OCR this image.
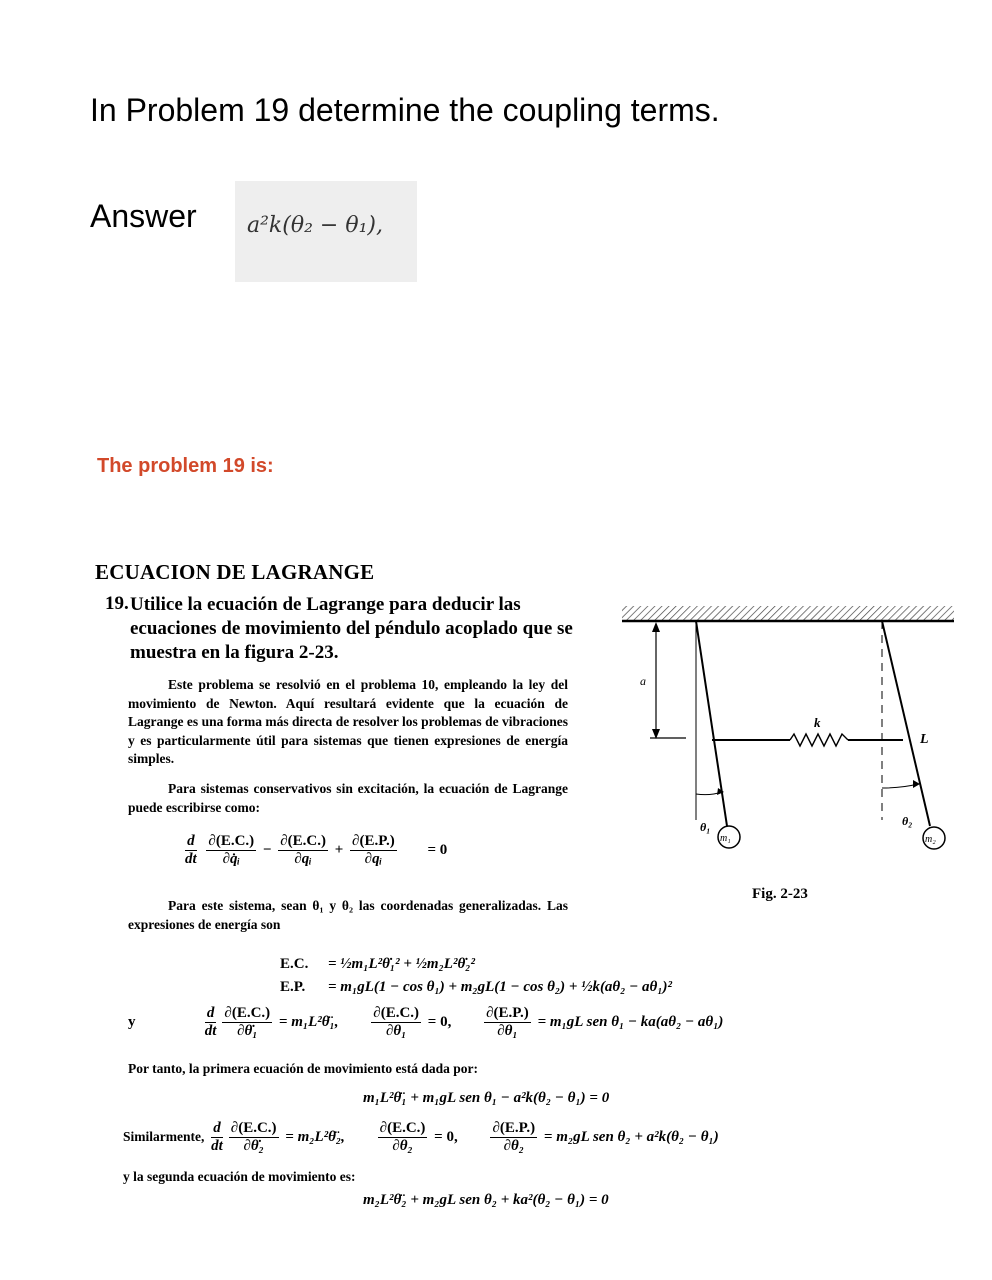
In Problem 19 determine the coupling terms.
Answer a²k(θ₂ − θ₁),
The problem 19 is:
ECUACION DE LAGRANGE
19. Utilice la ecuación de Lagrange para deducir las ecuaciones de movimiento del péndulo acoplado que se muestra en la figura 2-23.
Este problema se resolvió en el problema 10, empleando la ley del movimiento de Newton. Aquí resultará evidente que la ecuación de Lagrange es una forma más directa de resolver los problemas de vibraciones y es particularmente útil para sistemas que tienen expresiones de energía simples.
Para sistemas conservativos sin excitación, la ecuación de Lagrange puede escribirse como:
$\frac{d}{dt}$
$\frac{\partial(E.C.)}{\text{∂q̇ᵢ}} - \frac{\partial(E.C.)}{\text{∂qᵢ}} + \frac{\partial(E.P.)}{\text{∂qᵢ}} = 0$
Para este sistema, sean θ₁ y θ₂ las coordenadas generalizadas. Las expresiones de energía son
E.C. = ½m₁L²θ̇₁² + ½m₂L²θ̇₂²
E.P. = m₁gL(1 − cos θ₁) + m₂gL(1 − cos θ₂) + ½k(aθ₂ − aθ₁)²
y	$\frac{d}{dt} \frac{\partial(E.C.)}{\text{∂θ̇₁}}$ = m₁L²θ̈₁, $\frac{\partial(E.C.)}{\text{∂θ₁}} = 0$, $\frac{\partial(E.P.)}{\text{∂θ₁}} = m_1gL$ sen θ₁ − ka(aθ₂ − aθ₁)
Por tanto, la primera ecuación de movimiento está dada por:
m₁L²θ̈₁ + m₁gL sen θ₁ − a²k(θ₂ − θ₁) = 0
Similarmente, $\frac{d}{dt} \frac{\partial(E.C.)}{\text{∂θ̇₂}}$ = m₂L²θ̈₂, $\frac{\partial(E.C.)}{\text{∂θ₂}} = 0$, $\frac{\partial(E.P.)}{\text{∂θ₂}} = m_2gL$ sen θ₂ + a²k(θ₂ − θ₁)
y la segunda ecuación de movimiento es:
m₂L²θ̈₂ + m₂gL sen θ₂ + ka²(θ₂ − θ₁) = 0
a
k
L
θ₁	θ₂
m₁	m₂
Fig. 2-23
